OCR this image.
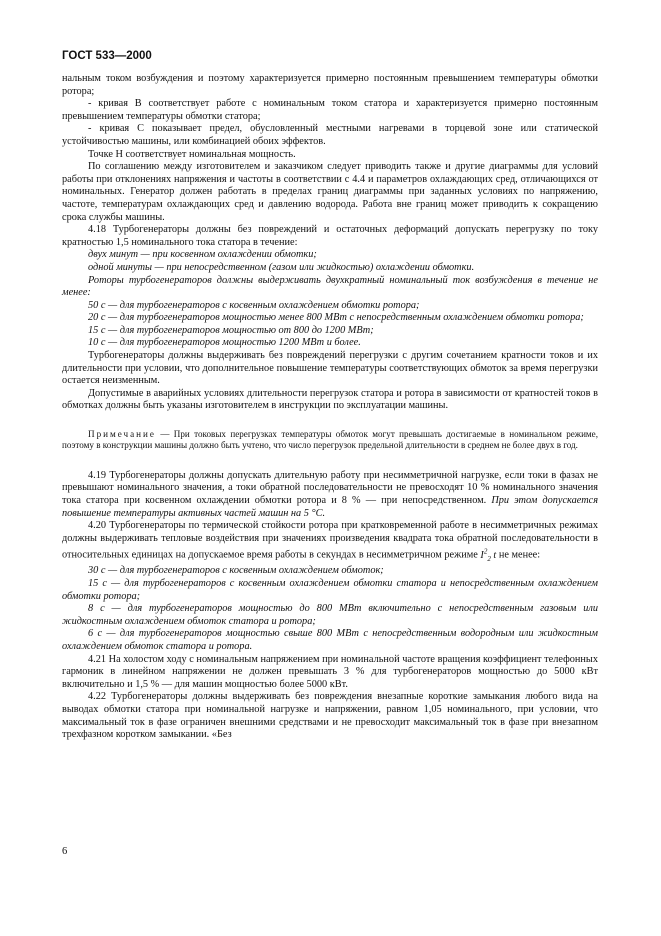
ГОСТ 533—2000

нальным током возбуждения и поэтому характеризуется примерно постоянным превышением температуры обмотки ротора;

- кривая B соответствует работе с номинальным током статора и характеризуется примерно постоянным превышением температуры обмотки статора;

- кривая C показывает предел, обусловленный местными нагревами в торцевой зоне или статической устойчивостью машины, или комбинацией обоих эффектов.

Точке H соответствует номинальная мощность.

По соглашению между изготовителем и заказчиком следует приводить также и другие диаграммы для условий работы при отклонениях напряжения и частоты в соответствии с 4.4 и параметров охлаждающих сред, отличающихся от номинальных. Генератор должен работать в пределах границ диаграммы при заданных условиях по напряжению, частоте, температурам охлаждающих сред и давлению водорода. Работа вне границ может приводить к сокращению срока службы машины.

4.18 Турбогенераторы должны без повреждений и остаточных деформаций допускать перегрузку по току кратностью 1,5 номинального тока статора в течение:

двух минут — при косвенном охлаждении обмотки;

одной минуты — при непосредственном (газом или жидкостью) охлаждении обмотки.

Роторы турбогенераторов должны выдерживать двухкратный номинальный ток возбуждения в течение не менее:

50 с — для турбогенераторов с косвенным охлаждением обмотки ротора;

20 с — для турбогенераторов мощностью менее 800 МВт с непосредственным охлаждением обмотки ротора;

15 с — для турбогенераторов мощностью от 800 до 1200 МВт;

10 с — для турбогенераторов мощностью 1200 МВт и более.

Турбогенераторы должны выдерживать без повреждений перегрузки с другим сочетанием кратности токов и их длительности при условии, что дополнительное повышение температуры соответствующих обмоток за время перегрузки остается неизменным.

Допустимые в аварийных условиях длительности перегрузок статора и ротора в зависимости от кратностей токов в обмотках должны быть указаны изготовителем в инструкции по эксплуатации машины.

Примечание — При токовых перегрузках температуры обмоток могут превышать достигаемые в номинальном режиме, поэтому в конструкции машины должно быть учтено, что число перегрузок предельной длительности в среднем не более двух в год.

4.19 Турбогенераторы должны допускать длительную работу при несимметричной нагрузке, если токи в фазах не превышают номинального значения, а токи обратной последовательности не превосходят 10 % номинального значения тока статора при косвенном охлаждении обмотки ротора и 8 % — при непосредственном. При этом допускается повышение температуры активных частей машин на 5 °С.

4.20 Турбогенераторы по термической стойкости ротора при кратковременной работе в несимметричных режимах должны выдерживать тепловые воздействия при значениях произведения квадрата тока обратной последовательности в относительных единицах на допускаемое время работы в секундах в несимметричном режиме $I^2_2$ t не менее:

30 с — для турбогенераторов с косвенным охлаждением обмоток;

15 с — для турбогенераторов с косвенным охлаждением обмотки статора и непосредственным охлаждением обмотки ротора;

8 с — для турбогенераторов мощностью до 800 МВт включительно с непосредственным газовым или жидкостным охлаждением обмоток статора и ротора;

6 с — для турбогенераторов мощностью свыше 800 МВт с непосредственным водородным или жидкостным охлаждением обмоток статора и ротора.

4.21 На холостом ходу с номинальным напряжением при номинальной частоте вращения коэффициент телефонных гармоник в линейном напряжении не должен превышать 3 % для турбогенераторов мощностью до 5000 кВт включительно и 1,5 % — для машин мощностью более 5000 кВт.

4.22 Турбогенераторы должны выдерживать без повреждения внезапные короткие замыкания любого вида на выводах обмотки статора при номинальной нагрузке и напряжении, равном 1,05 номинального, при условии, что максимальный ток в фазе ограничен внешними средствами и не превосходит максимальный ток в фазе при внезапном трехфазном коротком замыкании. «Без

6
